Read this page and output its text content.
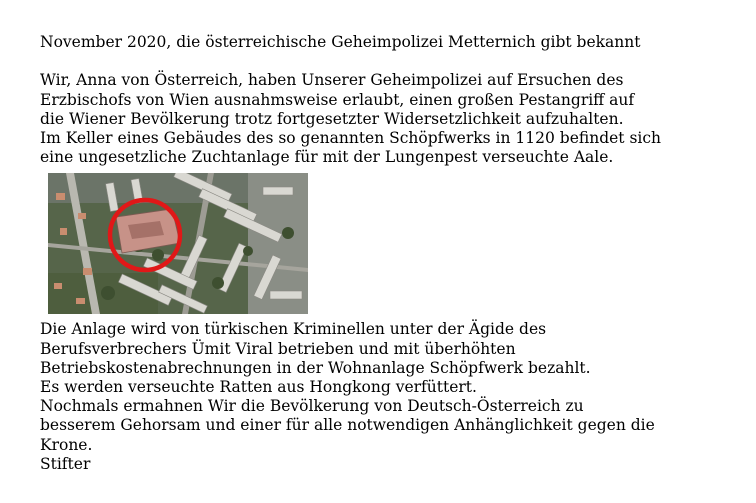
November 2020, die österreichische Geheimpolizei Metternich gibt bekannt
Wir, Anna von Österreich, haben Unserer Geheimpolizei auf Ersuchen des
Erzbischofs von Wien ausnahmsweise erlaubt, einen großen Pestangriff auf
die Wiener Bevölkerung trotz fortgesetzter Widersetzlichkeit aufzuhalten.
Im Keller eines Gebäudes des so genannten Schöpfwerks in 1120 befindet sich
eine ungesetzliche Zuchtanlage für mit der Lungenpest verseuchte Aale.
Die Anlage wird von türkischen Kriminellen unter der Ägide des
Berufsverbrechers Ümit Viral betrieben und mit überhöhten
Betriebskostenabrechnungen in der Wohnanlage Schöpfwerk bezahlt.
Es werden verseuchte Ratten aus Hongkong verfüttert.
Nochmals ermahnen Wir die Bevölkerung von Deutsch-Österreich zu
besserem Gehorsam und einer für alle notwendigen Anhänglichkeit gegen die
Krone.
Stifter
